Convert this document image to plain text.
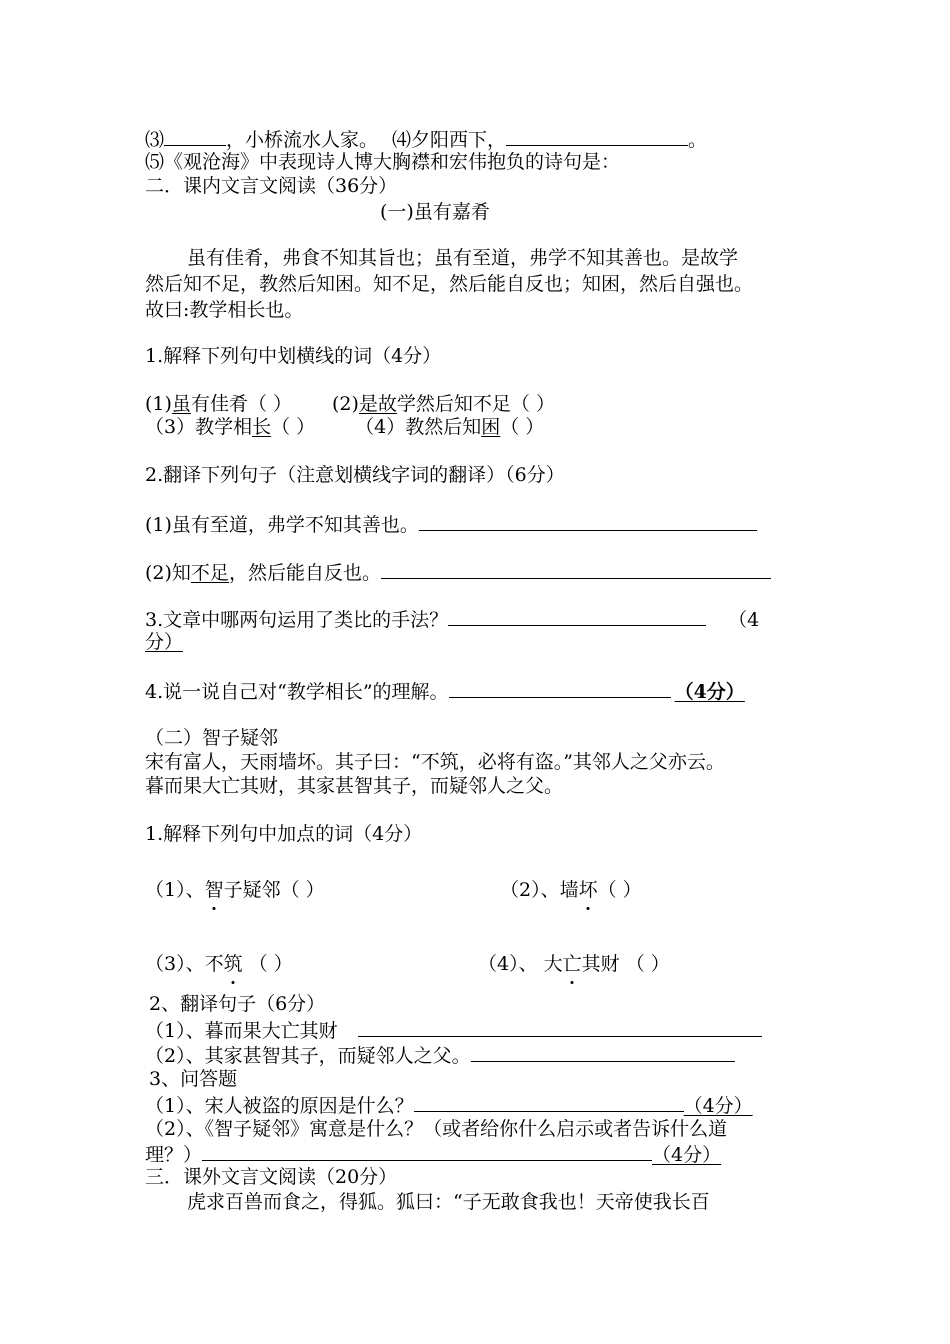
⑶	，小桥流水人家。 ⑷夕阳西下，	。
⑸《观沧海》中表现诗人博大胸襟和宏伟抱负的诗句是：
二．课内文言文阅读（36分）
(一)虽有嘉肴
虽有佳肴，弗食不知其旨也；虽有至道，弗学不知其善也。是故学
然后知不足，教然后知困。知不足，然后能自反也；知困，然后自强也。
故曰:教学相长也。
1.解释下列句中划横线的词（4分）
(1)虽有佳肴（ ） (2)是故学然后知不足（ ）
（3）教学相长（ ） （4）教然后知困（ ）
2.翻译下列句子（注意划横线字词的翻译）（6分）
(1)虽有至道，弗学不知其善也。
(2)知不足，然后能自反也。
3.文章中哪两句运用了类比的手法？	（4
分）
4.说一说自己对“教学相长”的理解。	（4分）
（二）智子疑邻
宋有富人，天雨墙坏。其子曰：“不筑，必将有盗。”其邻人之父亦云。
暮而果大亡其财，其家甚智其子，而疑邻人之父。
1.解释下列句中加点的词（4分）
（1）、智子疑邻（ ）	（2）、墙坏（ ）
（3）、不筑 （ ）	（4）、 大亡其财 （ ）
2、翻译句子（6分）
（1）、暮而果大亡其财
（2）、其家甚智其子，而疑邻人之父。
3、问答题
（1）、宋人被盗的原因是什么？	（4分）
（2）、《智子疑邻》寓意是什么？（或者给你什么启示或者告诉什么道
理？）	（4分）
三．课外文言文阅读（20分）
虎求百兽而食之，得狐。狐曰：“子无敢食我也！天帝使我长百
